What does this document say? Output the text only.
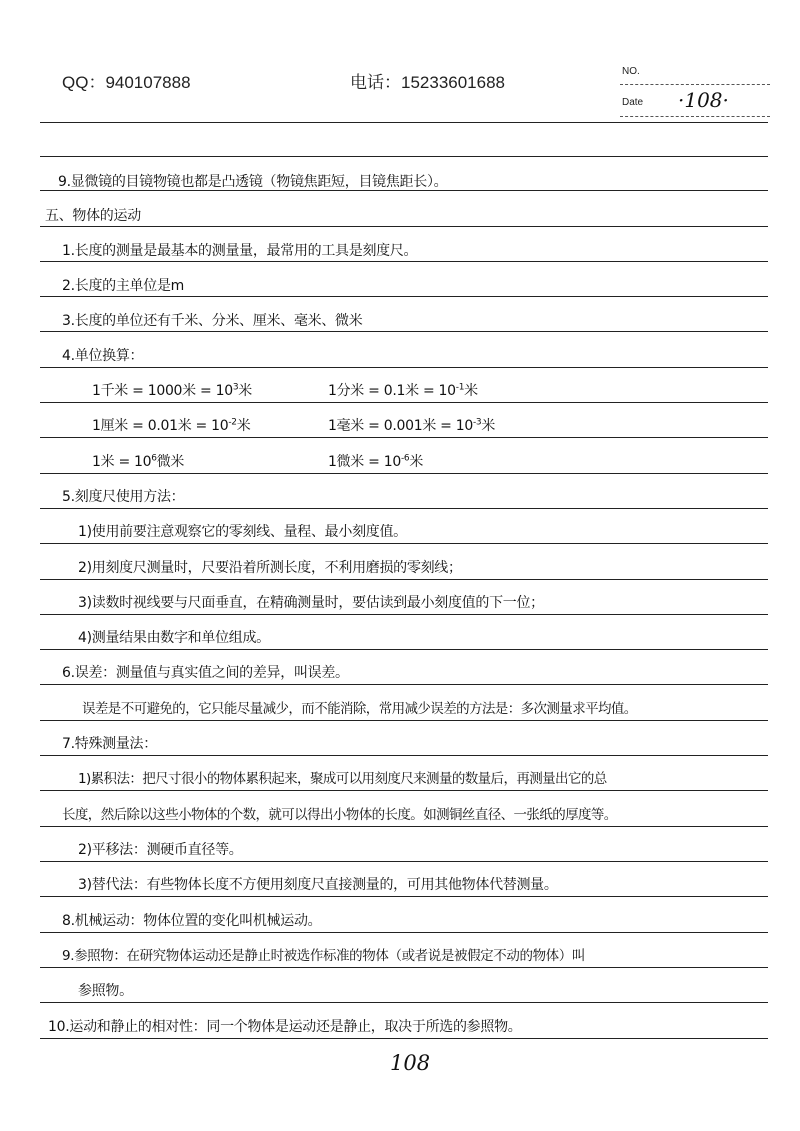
QQ：940107888	电话：15233601688
NO.
Date ·108·
9.显微镜的目镜物镜也都是凸透镜（物镜焦距短，目镜焦距长）。
五、物体的运动
1.长度的测量是最基本的测量量，最常用的工具是刻度尺。
2.长度的主单位是m
3.长度的单位还有千米、分米、厘米、毫米、微米
4.单位换算：
1千米 = 1000米 = $10^3$米	1分米 = 0.1米 = $10^{-1}$米
1厘米 = 0.01米 = $10^{-2}$米	1毫米 = 0.001米 = $10^{-3}$米
1米 = $10^6$微米	1微米 = $10^{-6}$米
5.刻度尺使用方法：
1)使用前要注意观察它的零刻线、量程、最小刻度值。
2)用刻度尺测量时，尺要沿着所测长度，不利用磨损的零刻线；
3)读数时视线要与尺面垂直，在精确测量时，要估读到最小刻度值的下一位；
4)测量结果由数字和单位组成。
6.误差：测量值与真实值之间的差异，叫误差。
误差是不可避免的，它只能尽量减少，而不能消除，常用减少误差的方法是：多次测量求平均值。
7.特殊测量法：
1)累积法：把尺寸很小的物体累积起来，聚成可以用刻度尺来测量的数量后，再测量出它的总
长度，然后除以这些小物体的个数，就可以得出小物体的长度。如测铜丝直径、一张纸的厚度等。
2)平移法：测硬币直径等。
3)替代法：有些物体长度不方便用刻度尺直接测量的，可用其他物体代替测量。
8.机械运动：物体位置的变化叫机械运动。
9.参照物：在研究物体运动还是静止时被选作标准的物体（或者说是被假定不动的物体）叫
参照物。
10.运动和静止的相对性：同一个物体是运动还是静止，取决于所选的参照物。
108
